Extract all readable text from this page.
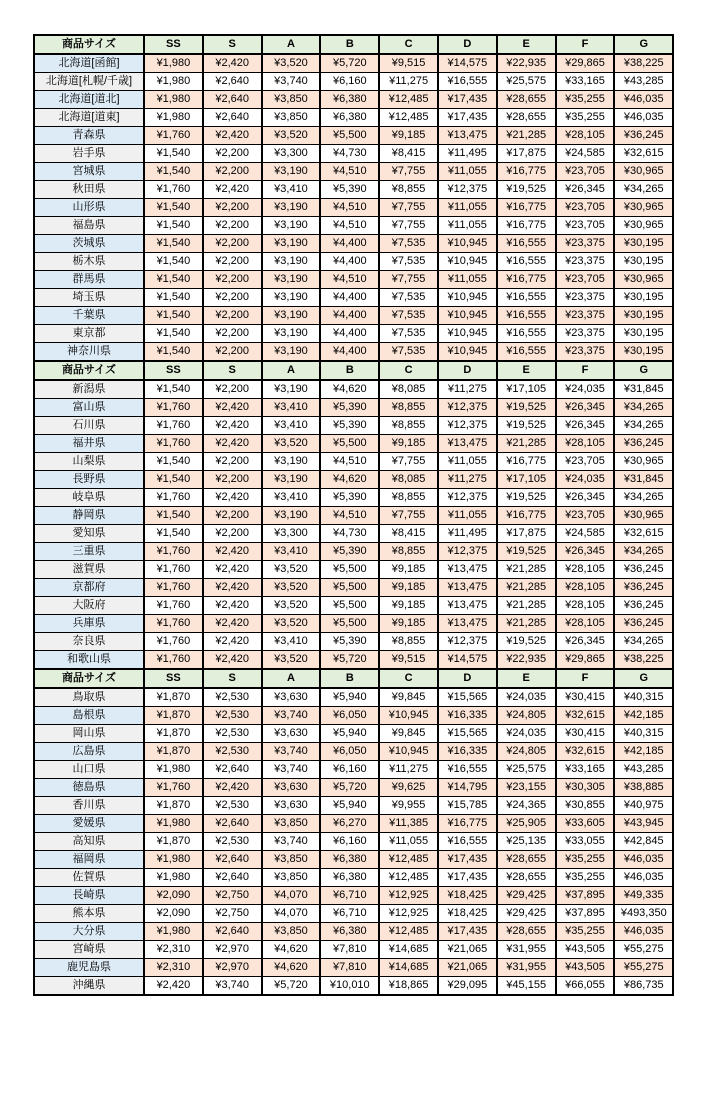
商品サイズ	SS	S	A	B	C	D	E	F	G
北海道[函館]	¥1,980	¥2,420	¥3,520	¥5,720	¥9,515	¥14,575	¥22,935	¥29,865	¥38,225
北海道[札幌/千歳]	¥1,980	¥2,640	¥3,740	¥6,160	¥11,275	¥16,555	¥25,575	¥33,165	¥43,285
北海道[道北]	¥1,980	¥2,640	¥3,850	¥6,380	¥12,485	¥17,435	¥28,655	¥35,255	¥46,035
北海道[道東]	¥1,980	¥2,640	¥3,850	¥6,380	¥12,485	¥17,435	¥28,655	¥35,255	¥46,035
青森県	¥1,760	¥2,420	¥3,520	¥5,500	¥9,185	¥13,475	¥21,285	¥28,105	¥36,245
岩手県	¥1,540	¥2,200	¥3,300	¥4,730	¥8,415	¥11,495	¥17,875	¥24,585	¥32,615
宮城県	¥1,540	¥2,200	¥3,190	¥4,510	¥7,755	¥11,055	¥16,775	¥23,705	¥30,965
秋田県	¥1,760	¥2,420	¥3,410	¥5,390	¥8,855	¥12,375	¥19,525	¥26,345	¥34,265
山形県	¥1,540	¥2,200	¥3,190	¥4,510	¥7,755	¥11,055	¥16,775	¥23,705	¥30,965
福島県	¥1,540	¥2,200	¥3,190	¥4,510	¥7,755	¥11,055	¥16,775	¥23,705	¥30,965
茨城県	¥1,540	¥2,200	¥3,190	¥4,400	¥7,535	¥10,945	¥16,555	¥23,375	¥30,195
栃木県	¥1,540	¥2,200	¥3,190	¥4,400	¥7,535	¥10,945	¥16,555	¥23,375	¥30,195
群馬県	¥1,540	¥2,200	¥3,190	¥4,510	¥7,755	¥11,055	¥16,775	¥23,705	¥30,965
埼玉県	¥1,540	¥2,200	¥3,190	¥4,400	¥7,535	¥10,945	¥16,555	¥23,375	¥30,195
千葉県	¥1,540	¥2,200	¥3,190	¥4,400	¥7,535	¥10,945	¥16,555	¥23,375	¥30,195
東京都	¥1,540	¥2,200	¥3,190	¥4,400	¥7,535	¥10,945	¥16,555	¥23,375	¥30,195
神奈川県	¥1,540	¥2,200	¥3,190	¥4,400	¥7,535	¥10,945	¥16,555	¥23,375	¥30,195
商品サイズ	SS	S	A	B	C	D	E	F	G
新潟県	¥1,540	¥2,200	¥3,190	¥4,620	¥8,085	¥11,275	¥17,105	¥24,035	¥31,845
富山県	¥1,760	¥2,420	¥3,410	¥5,390	¥8,855	¥12,375	¥19,525	¥26,345	¥34,265
石川県	¥1,760	¥2,420	¥3,410	¥5,390	¥8,855	¥12,375	¥19,525	¥26,345	¥34,265
福井県	¥1,760	¥2,420	¥3,520	¥5,500	¥9,185	¥13,475	¥21,285	¥28,105	¥36,245
山梨県	¥1,540	¥2,200	¥3,190	¥4,510	¥7,755	¥11,055	¥16,775	¥23,705	¥30,965
長野県	¥1,540	¥2,200	¥3,190	¥4,620	¥8,085	¥11,275	¥17,105	¥24,035	¥31,845
岐阜県	¥1,760	¥2,420	¥3,410	¥5,390	¥8,855	¥12,375	¥19,525	¥26,345	¥34,265
静岡県	¥1,540	¥2,200	¥3,190	¥4,510	¥7,755	¥11,055	¥16,775	¥23,705	¥30,965
愛知県	¥1,540	¥2,200	¥3,300	¥4,730	¥8,415	¥11,495	¥17,875	¥24,585	¥32,615
三重県	¥1,760	¥2,420	¥3,410	¥5,390	¥8,855	¥12,375	¥19,525	¥26,345	¥34,265
滋賀県	¥1,760	¥2,420	¥3,520	¥5,500	¥9,185	¥13,475	¥21,285	¥28,105	¥36,245
京都府	¥1,760	¥2,420	¥3,520	¥5,500	¥9,185	¥13,475	¥21,285	¥28,105	¥36,245
大阪府	¥1,760	¥2,420	¥3,520	¥5,500	¥9,185	¥13,475	¥21,285	¥28,105	¥36,245
兵庫県	¥1,760	¥2,420	¥3,520	¥5,500	¥9,185	¥13,475	¥21,285	¥28,105	¥36,245
奈良県	¥1,760	¥2,420	¥3,410	¥5,390	¥8,855	¥12,375	¥19,525	¥26,345	¥34,265
和歌山県	¥1,760	¥2,420	¥3,520	¥5,720	¥9,515	¥14,575	¥22,935	¥29,865	¥38,225
商品サイズ	SS	S	A	B	C	D	E	F	G
鳥取県	¥1,870	¥2,530	¥3,630	¥5,940	¥9,845	¥15,565	¥24,035	¥30,415	¥40,315
島根県	¥1,870	¥2,530	¥3,740	¥6,050	¥10,945	¥16,335	¥24,805	¥32,615	¥42,185
岡山県	¥1,870	¥2,530	¥3,630	¥5,940	¥9,845	¥15,565	¥24,035	¥30,415	¥40,315
広島県	¥1,870	¥2,530	¥3,740	¥6,050	¥10,945	¥16,335	¥24,805	¥32,615	¥42,185
山口県	¥1,980	¥2,640	¥3,740	¥6,160	¥11,275	¥16,555	¥25,575	¥33,165	¥43,285
徳島県	¥1,760	¥2,420	¥3,630	¥5,720	¥9,625	¥14,795	¥23,155	¥30,305	¥38,885
香川県	¥1,870	¥2,530	¥3,630	¥5,940	¥9,955	¥15,785	¥24,365	¥30,855	¥40,975
愛媛県	¥1,980	¥2,640	¥3,850	¥6,270	¥11,385	¥16,775	¥25,905	¥33,605	¥43,945
高知県	¥1,870	¥2,530	¥3,740	¥6,160	¥11,055	¥16,555	¥25,135	¥33,055	¥42,845
福岡県	¥1,980	¥2,640	¥3,850	¥6,380	¥12,485	¥17,435	¥28,655	¥35,255	¥46,035
佐賀県	¥1,980	¥2,640	¥3,850	¥6,380	¥12,485	¥17,435	¥28,655	¥35,255	¥46,035
長崎県	¥2,090	¥2,750	¥4,070	¥6,710	¥12,925	¥18,425	¥29,425	¥37,895	¥49,335
熊本県	¥2,090	¥2,750	¥4,070	¥6,710	¥12,925	¥18,425	¥29,425	¥37,895	¥493,350
大分県	¥1,980	¥2,640	¥3,850	¥6,380	¥12,485	¥17,435	¥28,655	¥35,255	¥46,035
宮崎県	¥2,310	¥2,970	¥4,620	¥7,810	¥14,685	¥21,065	¥31,955	¥43,505	¥55,275
鹿児島県	¥2,310	¥2,970	¥4,620	¥7,810	¥14,685	¥21,065	¥31,955	¥43,505	¥55,275
沖縄県	¥2,420	¥3,740	¥5,720	¥10,010	¥18,865	¥29,095	¥45,155	¥66,055	¥86,735
